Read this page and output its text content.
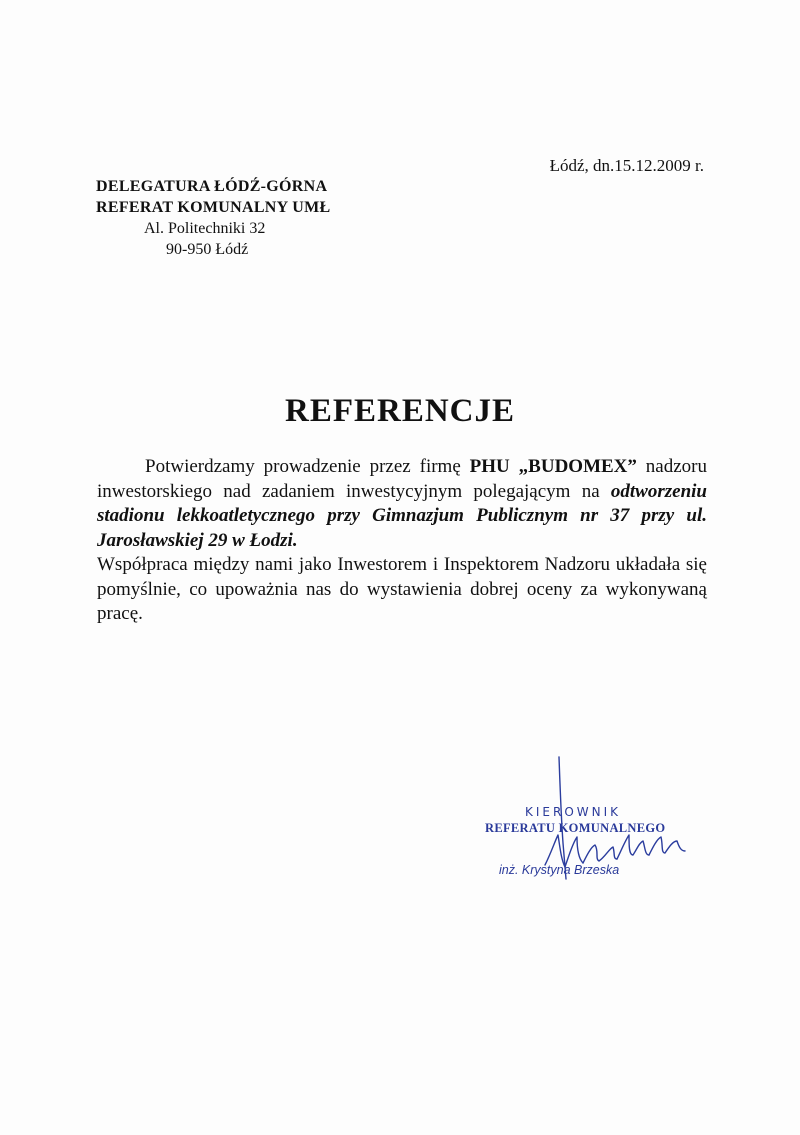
Łódź, dn.15.12.2009 r.
DELEGATURA ŁÓDŹ-GÓRNA
REFERAT KOMUNALNY UMŁ
Al. Politechniki 32
90-950 Łódź
REFERENCJE

Potwierdzamy prowadzenie przez firmę PHU „BUDOMEX” nadzoru inwestorskiego nad zadaniem inwestycyjnym polegającym na odtworzeniu stadionu lekkoatletycznego przy Gimnazjum Publicznym nr 37 przy ul. Jarosławskiej 29 w Łodzi.

Współpraca między nami jako Inwestorem i Inspektorem Nadzoru układała się pomyślnie, co upoważnia nas do wystawienia dobrej oceny za wykonywaną pracę.

KIEROWNIK
REFERATU KOMUNALNEGO
inż. Krystyna Brzeska
